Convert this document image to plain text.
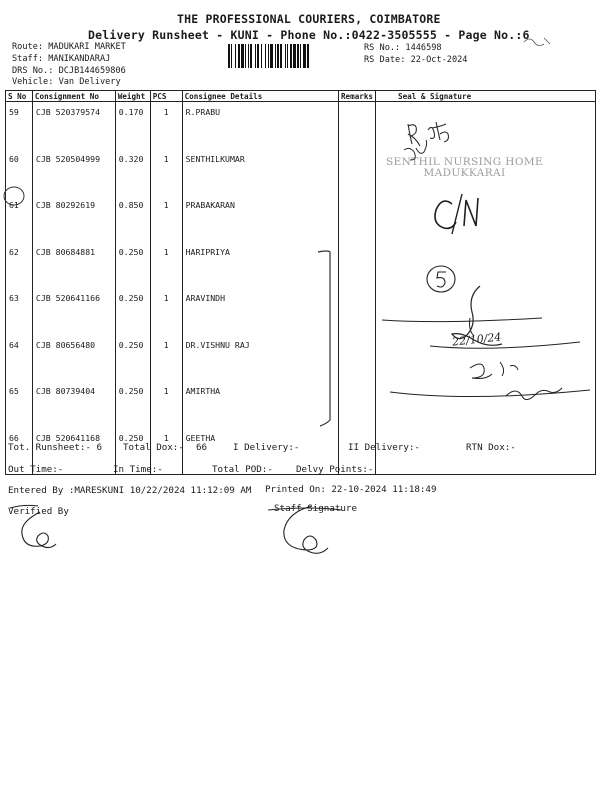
THE PROFESSIONAL COURIERS, COIMBATORE
Delivery Runsheet - KUNI - Phone No.:0422-3505555 - Page No.:6
Route: MADUKARI MARKET
Staff: MANIKANDARAJ
DRS No.: DCJB144659806
Vehicle: Van Delivery
RS No.: 1446598
RS Date: 22-Oct-2024
S No	Consignment No	Weight	PCS	Consignee Details	Remarks	Seal & Signature
59	CJB 520379574	0.170	1	R.PRABU		
60	CJB 520504999	0.320	1	SENTHILKUMAR		
61	CJB 80292619	0.850	1	PRABAKARAN		
62	CJB 80684881	0.250	1	HARIPRIYA		
63	CJB 520641166	0.250	1	ARAVINDH		
64	CJB 80656480	0.250	1	DR.VISHNU RAJ		
65	CJB 80739404	0.250	1	AMIRTHA		
66	CJB 520641168	0.250	1	GEETHA		
SENTHIL NURSING HOME
MADUKKARAI
22/10/24
Tot. Runsheet:- 6 Total Dox:- 66	I Delivery:-	II Delivery:-	RTN Dox:-
Out Time:-	In Time:-	Total POD:-	Delvy Points:-
Entered By :MARESKUNI 10/22/2024 11:12:09 AM Printed On: 22-10-2024 11:18:49
Verified By	Staff Signature
